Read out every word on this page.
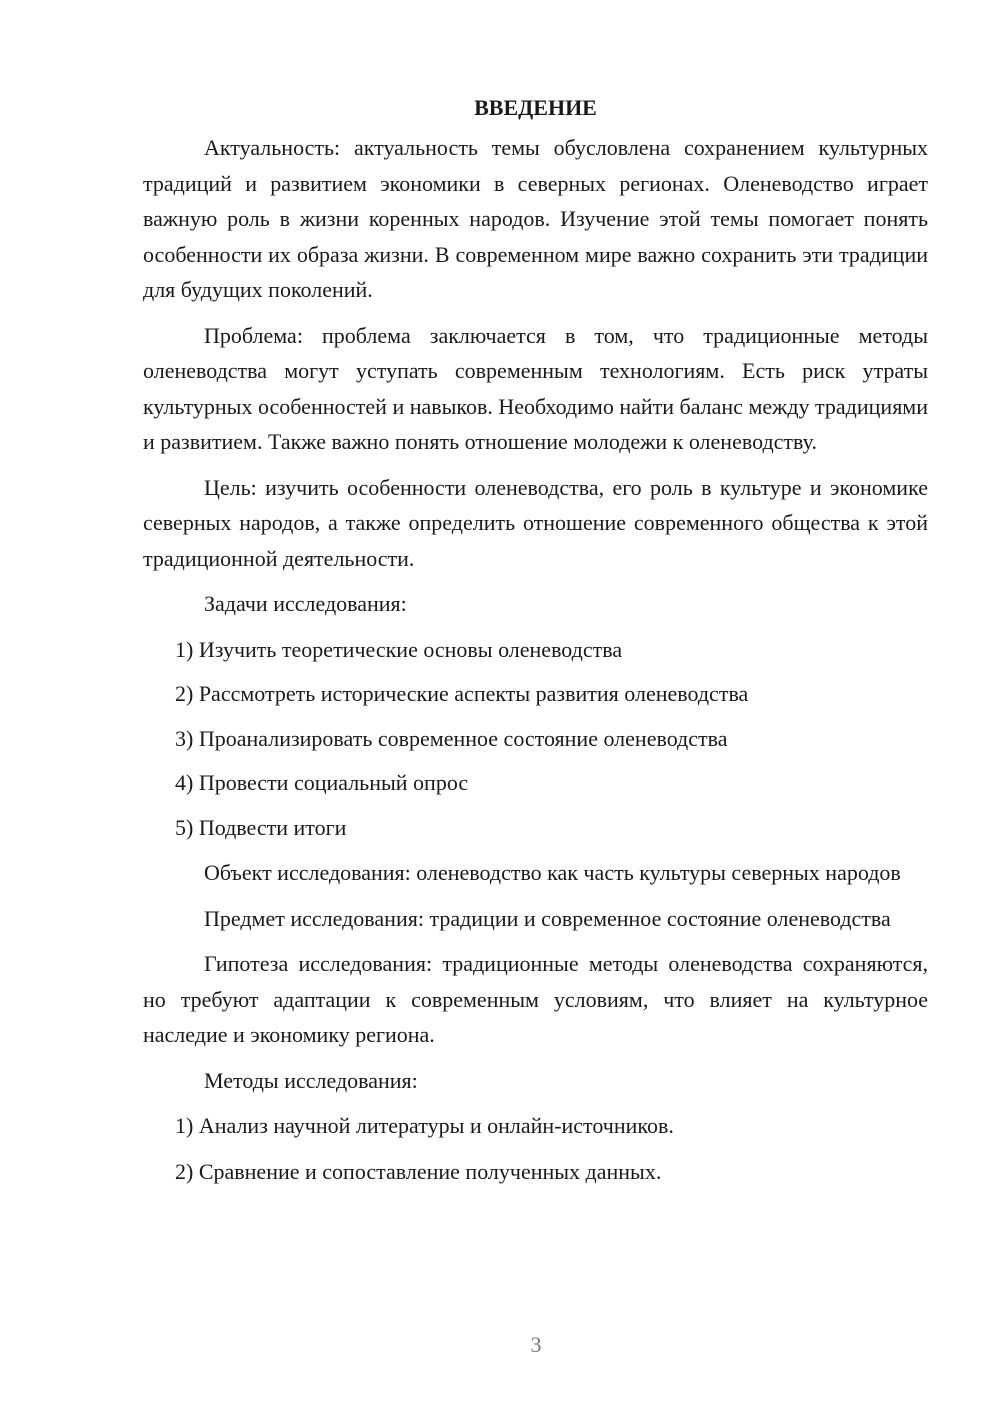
ВВЕДЕНИЕ

Актуальность: актуальность темы обусловлена сохранением культурных традиций и развитием экономики в северных регионах. Оленеводство играет важную роль в жизни коренных народов. Изучение этой темы помогает понять особенности их образа жизни. В современном мире важно сохранить эти традиции для будущих поколений.

Проблема: проблема заключается в том, что традиционные методы оленеводства могут уступать современным технологиям. Есть риск утраты культурных особенностей и навыков. Необходимо найти баланс между традициями и развитием. Также важно понять отношение молодежи к оленеводству.

Цель: изучить особенности оленеводства, его роль в культуре и экономике северных народов, а также определить отношение современного общества к этой традиционной деятельности.

Задачи исследования:

1) Изучить теоретические основы оленеводства
2) Рассмотреть исторические аспекты развития оленеводства
3) Проанализировать современное состояние оленеводства
4) Провести социальный опрос
5) Подвести итоги

Объект исследования: оленеводство как часть культуры северных народов

Предмет исследования: традиции и современное состояние оленеводства

Гипотеза исследования: традиционные методы оленеводства сохраняются, но требуют адаптации к современным условиям, что влияет на культурное наследие и экономику региона.

Методы исследования:

1) Анализ научной литературы и онлайн-источников.
2) Сравнение и сопоставление полученных данных.
3
